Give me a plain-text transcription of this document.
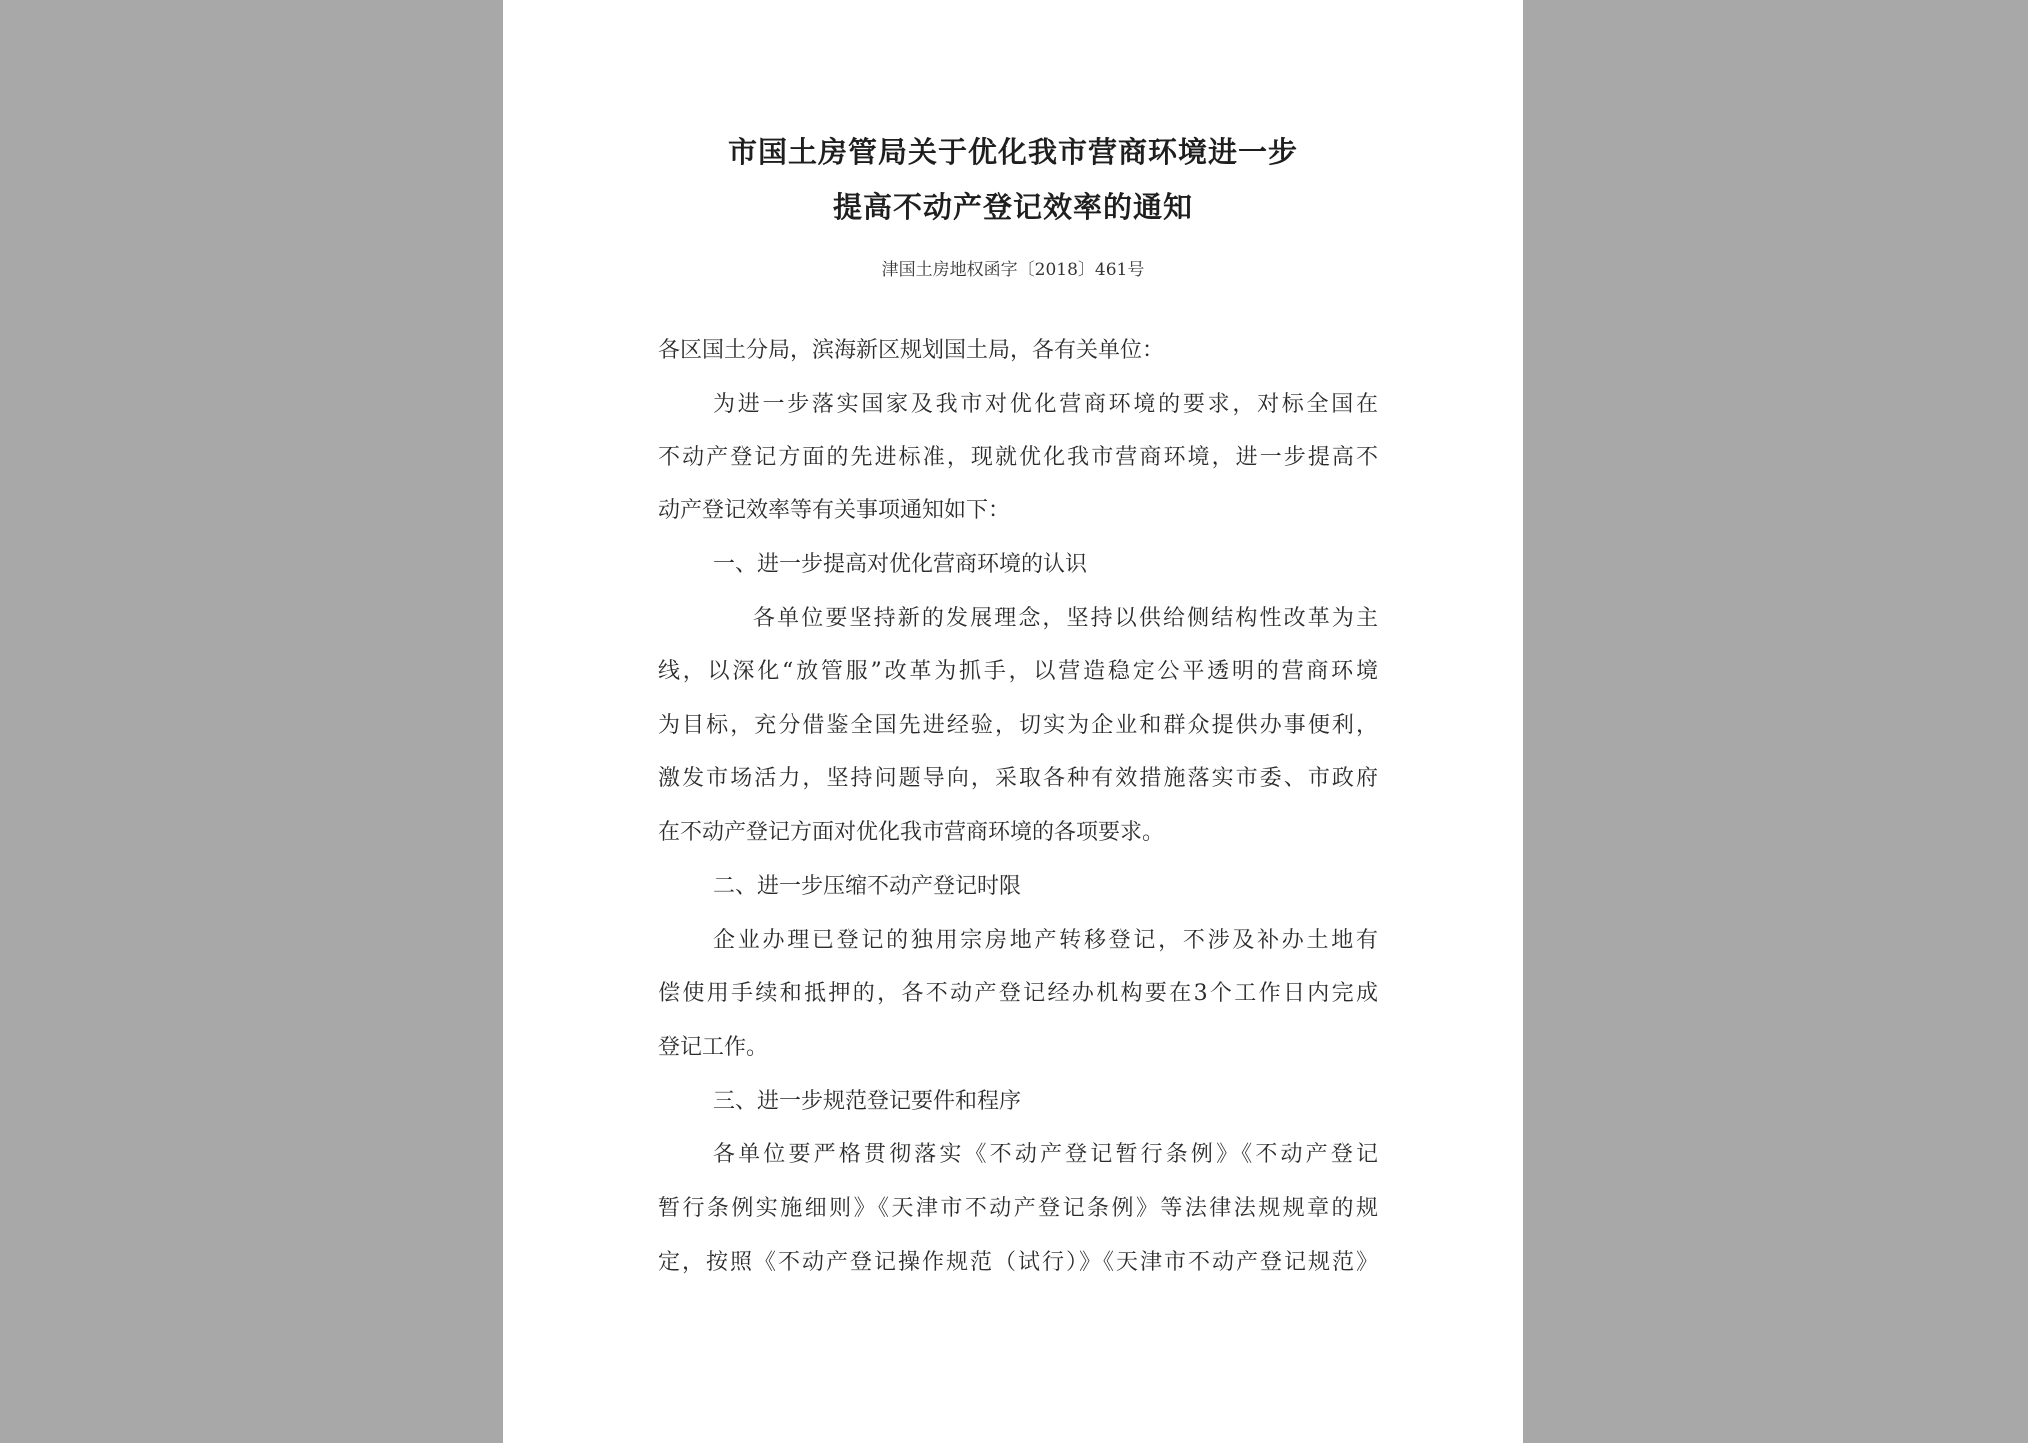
市国土房管局关于优化我市营商环境进一步
提高不动产登记效率的通知
津国土房地权函字〔2018〕461号
各区国土分局，滨海新区规划国土局，各有关单位：
为进一步落实国家及我市对优化营商环境的要求，对标全国在
不动产登记方面的先进标准，现就优化我市营商环境，进一步提高不
动产登记效率等有关事项通知如下：
一、进一步提高对优化营商环境的认识
各单位要坚持新的发展理念，坚持以供给侧结构性改革为主
线，以深化“放管服”改革为抓手，以营造稳定公平透明的营商环境
为目标，充分借鉴全国先进经验，切实为企业和群众提供办事便利，
激发市场活力，坚持问题导向，采取各种有效措施落实市委、市政府
在不动产登记方面对优化我市营商环境的各项要求。
二、进一步压缩不动产登记时限
企业办理已登记的独用宗房地产转移登记，不涉及补办土地有
偿使用手续和抵押的，各不动产登记经办机构要在3个工作日内完成
登记工作。
三、进一步规范登记要件和程序
各单位要严格贯彻落实《不动产登记暂行条例》《不动产登记
暂行条例实施细则》《天津市不动产登记条例》等法律法规规章的规
定，按照《不动产登记操作规范（试行）》《天津市不动产登记规范》
